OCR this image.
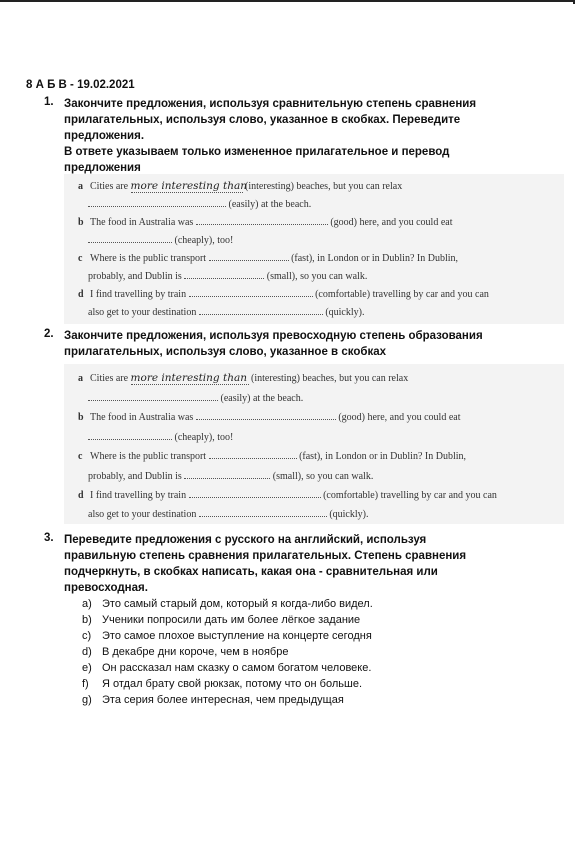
8 А Б В - 19.02.2021
1. Закончите предложения, используя сравнительную степень сравнения
прилагательных, используя слово, указанное в скобках. Переведите
предложения.
В ответе указываем только измененное прилагательное и перевод
предложения
a Cities are more interesting than (interesting) beaches, but you can relax
(easily) at the beach.
b The food in Australia was	(good) here, and you could eat
(cheaply), too!
c Where is the public transport	(fast), in London or in Dublin? In Dublin,
probably, and Dublin is	(small), so you can walk.
d I find travelling by train	(comfortable) travelling by car and you can
also get to your destination	(quickly).
2. Закончите предложения, используя превосходную степень образования
прилагательных, используя слово, указанное в скобках
a Cities are more interesting than (interesting) beaches, but you can relax
(easily) at the beach.
b The food in Australia was	(good) here, and you could eat
(cheaply), too!
c Where is the public transport	(fast), in London or in Dublin? In Dublin,
probably, and Dublin is	(small), so you can walk.
d I find travelling by train	(comfortable) travelling by car and you can
also get to your destination	(quickly).
3. Переведите предложения с русского на английский, используя
правильную степень сравнения прилагательных. Степень сравнения
подчеркнуть, в скобках написать, какая она - сравнительная или
превосходная.
a) Это самый старый дом, который я когда-либо видел.
b) Ученики попросили дать им более лёгкое задание
c) Это самое плохое выступление на концерте сегодня
d) В декабре дни короче, чем в ноябре
e) Он рассказал нам сказку о самом богатом человеке.
f) Я отдал брату свой рюкзак, потому что он больше.
g) Эта серия более интересная, чем предыдущая
